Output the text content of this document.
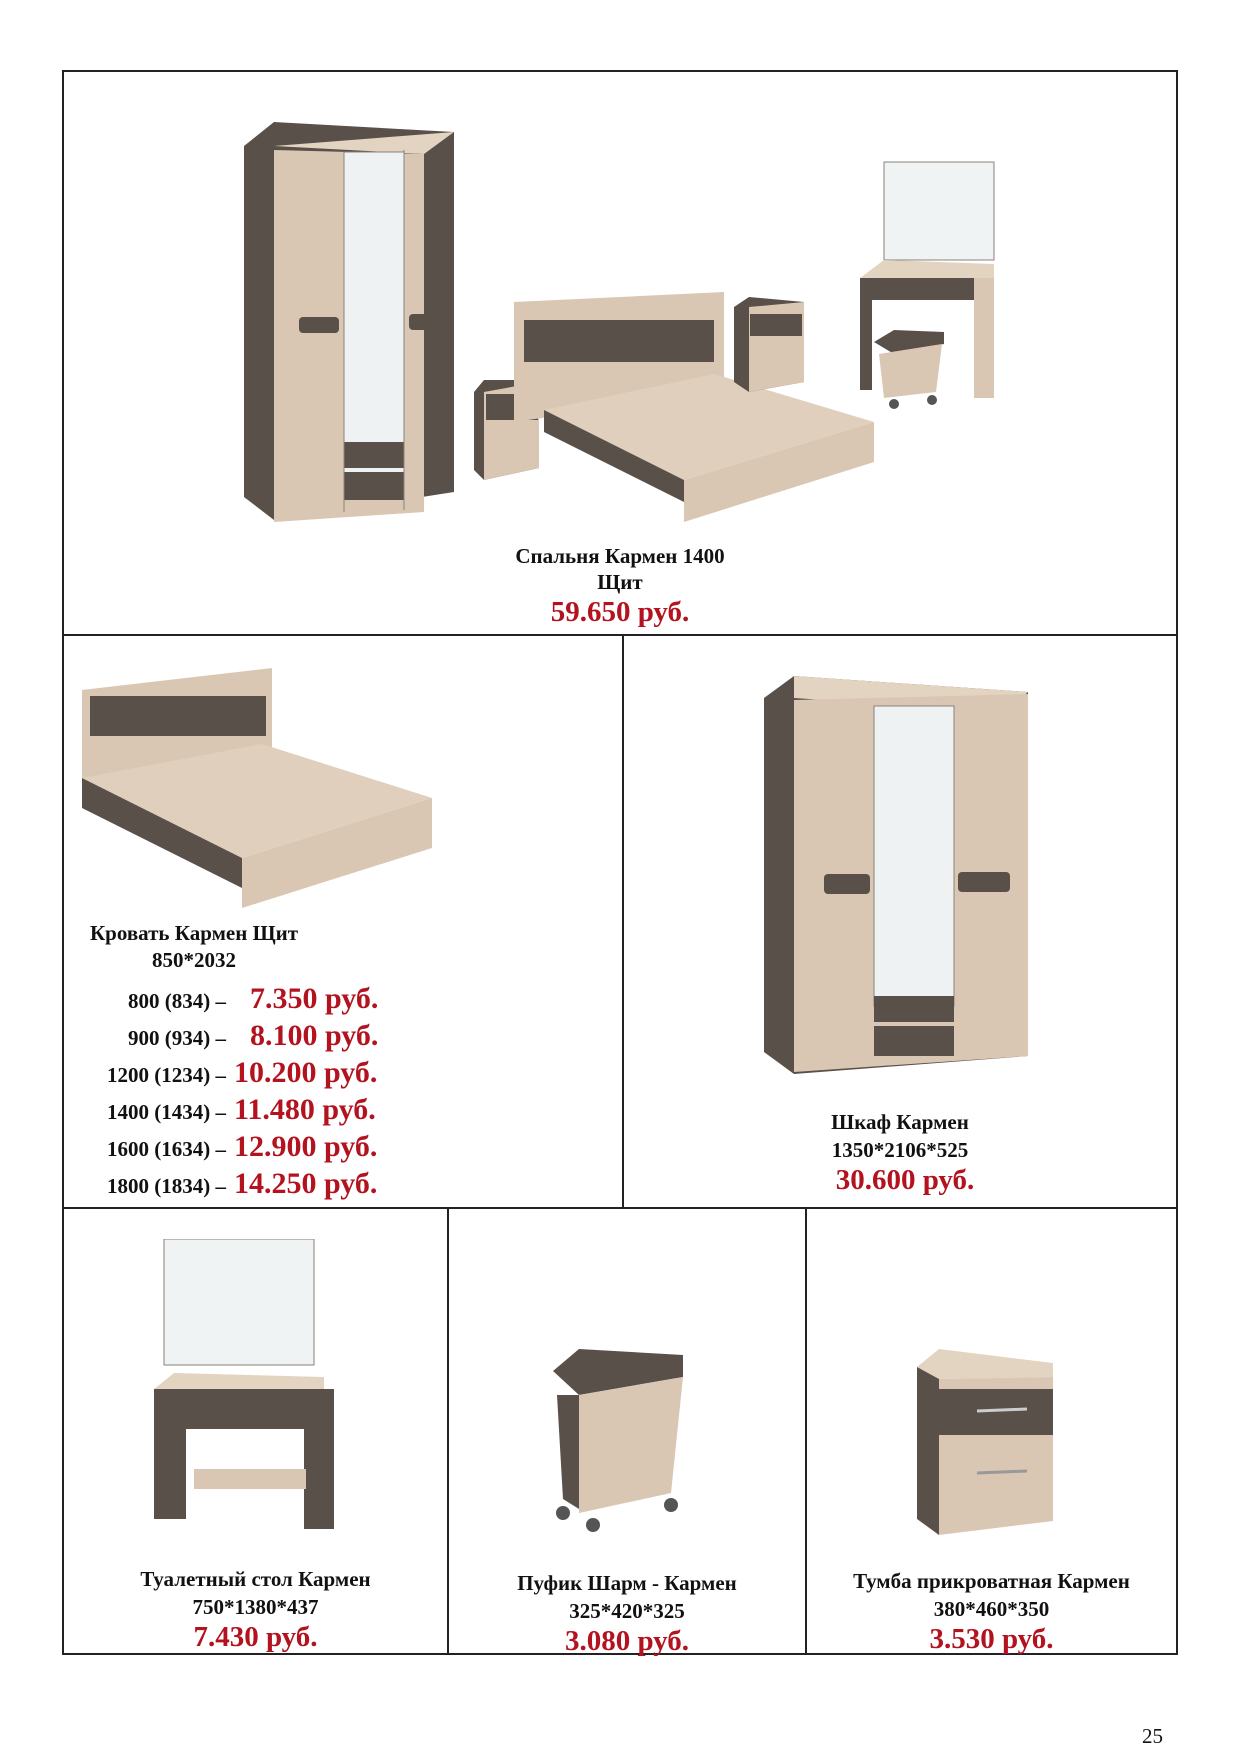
Спальня Кармен 1400
Щит
59.650 руб.
Кровать Кармен Щит
850*2032
800 (834) – 7.350 руб.
900 (934) – 8.100 руб.
1200 (1234) – 10.200 руб.
1400 (1434) – 11.480 руб.
1600 (1634) – 12.900 руб.
1800 (1834) – 14.250 руб.
Шкаф Кармен
1350*2106*525
30.600 руб.
Туалетный стол Кармен
750*1380*437
7.430 руб.
Пуфик Шарм - Кармен
325*420*325
3.080 руб.
Тумба прикроватная Кармен
380*460*350
3.530 руб.
25
